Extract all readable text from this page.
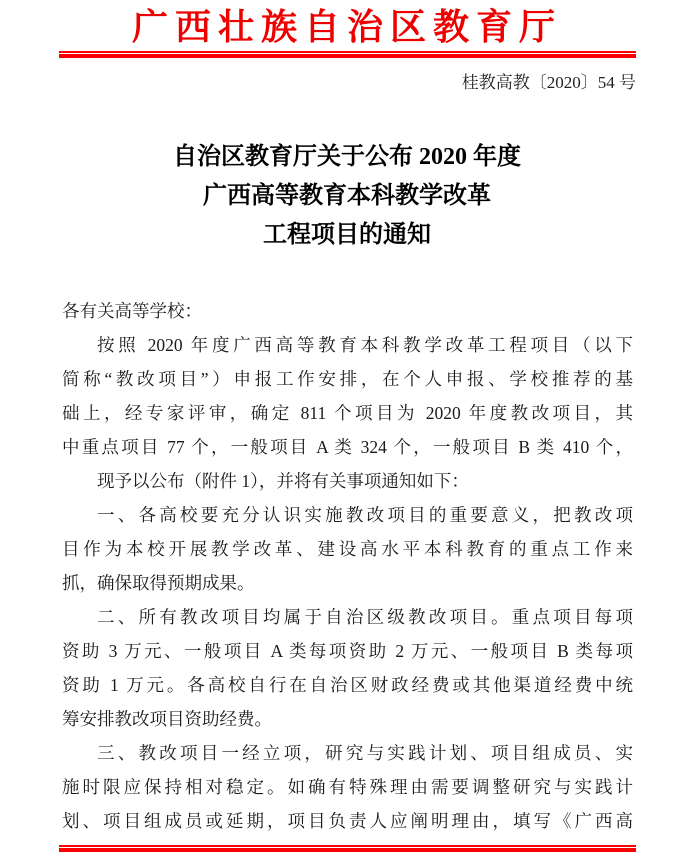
广西壮族自治区教育厅
桂教高教〔2020〕54 号
自治区教育厅关于公布 2020 年度
广西高等教育本科教学改革
工程项目的通知
各有关高等学校：
按照 2020 年度广西高等教育本科教学改革工程项目（以下
简称“教改项目”）申报工作安排，在个人申报、学校推荐的基
础上，经专家评审，确定 811 个项目为 2020 年度教改项目，其
中重点项目 77 个，一般项目 A 类 324 个，一般项目 B 类 410 个，
现予以公布（附件 1），并将有关事项通知如下：
一、各高校要充分认识实施教改项目的重要意义，把教改项
目作为本校开展教学改革、建设高水平本科教育的重点工作来
抓，确保取得预期成果。
二、所有教改项目均属于自治区级教改项目。重点项目每项
资助 3 万元、一般项目 A 类每项资助 2 万元、一般项目 B 类每项
资助 1 万元。各高校自行在自治区财政经费或其他渠道经费中统
筹安排教改项目资助经费。
三、教改项目一经立项，研究与实践计划、项目组成员、实
施时限应保持相对稳定。如确有特殊理由需要调整研究与实践计
划、项目组成员或延期，项目负责人应阐明理由，填写《广西高
